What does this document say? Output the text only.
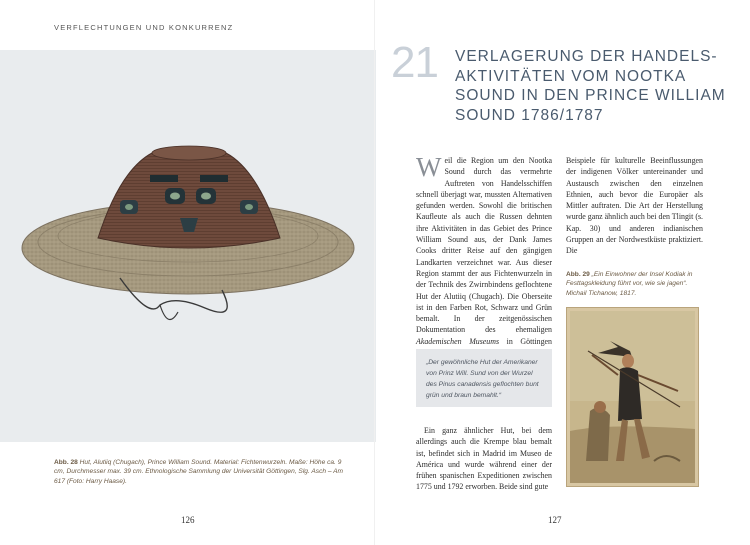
VERFLECHTUNGEN UND KONKURRENZ
Abb. 28 Hut, Alutiiq (Chugach), Prince William Sound. Material: Fichtenwurzeln. Maße: Höhe ca. 9 cm, Durchmesser max. 39 cm. Ethnologische Sammlung der Universität Göttingen, Slg. Asch – Am 617 (Foto: Harry Haase).
126
21 VERLAGERUNG DER HANDELS-AKTIVITÄTEN VOM NOOTKA SOUND IN DEN PRINCE WILLIAM SOUND 1786/1787
Weil die Region um den Nootka Sound durch das vermehrte Auftreten von Handelsschiffen schnell überjagt war, mussten Alternativen gefunden werden. Sowohl die britischen Kaufleute als auch die Russen dehnten ihre Aktivitäten in das Gebiet des Prince William Sound aus, der Dank James Cooks dritter Reise auf den gängigen Landkarten verzeichnet war. Aus dieser Region stammt der aus Fichtenwurzeln in der Technik des Zwirnbindens geflochtene Hut der Alutiiq (Chugach). Die Oberseite ist in den Farben Rot, Schwarz und Grün bemalt. In der zeitgenössischen Dokumentation des ehemaligen Akademischen Museums in Göttingen
„Der gewöhnliche Hut der Amerikaner von Prinz Will. Sund von der Wurzel des Pinus canadensis geflochten bunt grün und braun bemahlt.“
Ein ganz ähnlicher Hut, bei dem allerdings auch die Krempe blau bemalt ist, befindet sich in Madrid im Museo de América und wurde während einer der frühen spanischen Expeditionen zwischen 1775 und 1792 erworben. Beide sind gute
Beispiele für kulturelle Beeinflussungen der indigenen Völker untereinander und Austausch zwischen den einzelnen Ethnien, auch bevor die Europäer als Mittler auftraten. Die Art der Herstellung wurde ganz ähnlich auch bei den Tlingit (s. Kap. 30) und anderen indianischen Gruppen an der Nordwestküste praktiziert. Die
Abb. 29 „Ein Einwohner der Insel Kodiak in Festtagskleidung führt vor, wie sie jagen“. Michail Tichanow, 1817.
127
